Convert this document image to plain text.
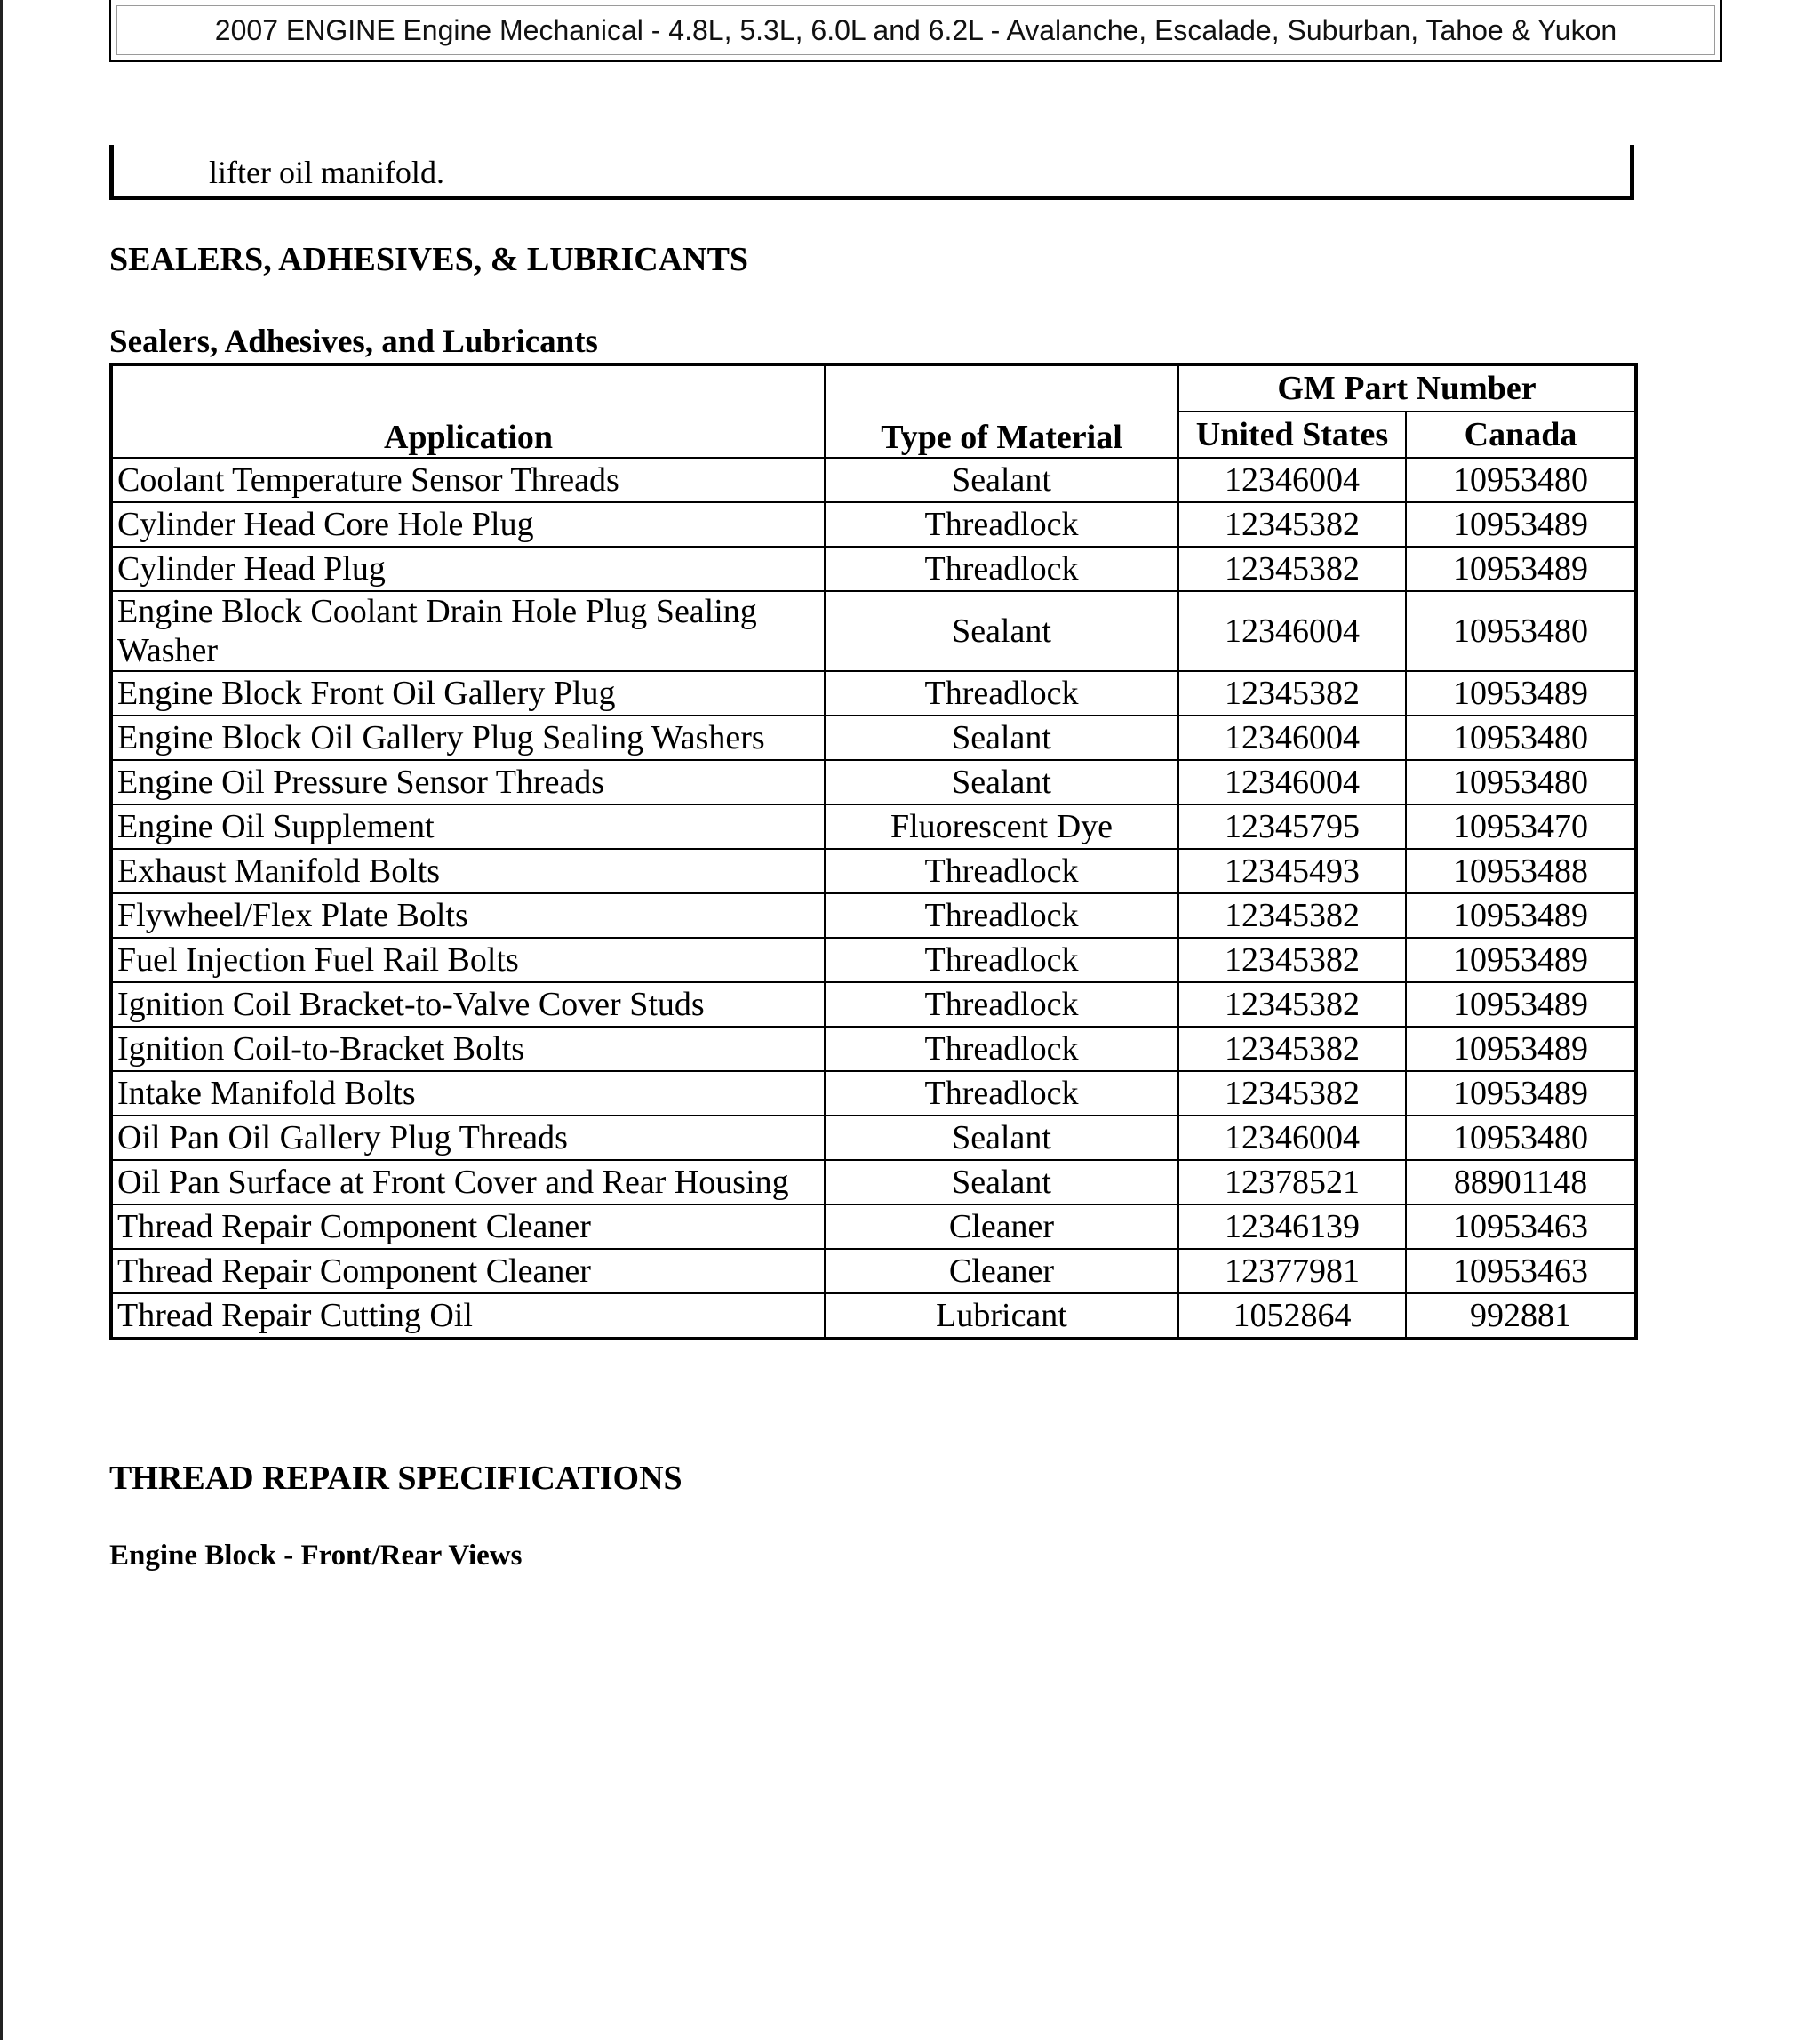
2007 ENGINE Engine Mechanical - 4.8L, 5.3L, 6.0L and 6.2L - Avalanche, Escalade, Suburban, Tahoe & Yukon
lifter oil manifold.
SEALERS, ADHESIVES, & LUBRICANTS
Sealers, Adhesives, and Lubricants
Application	Type of Material	GM Part Number	
		United States	Canada
Coolant Temperature Sensor Threads	Sealant	12346004	10953480
Cylinder Head Core Hole Plug	Threadlock	12345382	10953489
Cylinder Head Plug	Threadlock	12345382	10953489
Engine Block Coolant Drain Hole Plug Sealing Washer	Sealant	12346004	10953480
Engine Block Front Oil Gallery Plug	Threadlock	12345382	10953489
Engine Block Oil Gallery Plug Sealing Washers	Sealant	12346004	10953480
Engine Oil Pressure Sensor Threads	Sealant	12346004	10953480
Engine Oil Supplement	Fluorescent Dye	12345795	10953470
Exhaust Manifold Bolts	Threadlock	12345493	10953488
Flywheel/Flex Plate Bolts	Threadlock	12345382	10953489
Fuel Injection Fuel Rail Bolts	Threadlock	12345382	10953489
Ignition Coil Bracket-to-Valve Cover Studs	Threadlock	12345382	10953489
Ignition Coil-to-Bracket Bolts	Threadlock	12345382	10953489
Intake Manifold Bolts	Threadlock	12345382	10953489
Oil Pan Oil Gallery Plug Threads	Sealant	12346004	10953480
Oil Pan Surface at Front Cover and Rear Housing	Sealant	12378521	88901148
Thread Repair Component Cleaner	Cleaner	12346139	10953463
Thread Repair Component Cleaner	Cleaner	12377981	10953463
Thread Repair Cutting Oil	Lubricant	1052864	992881
THREAD REPAIR SPECIFICATIONS
Engine Block - Front/Rear Views
